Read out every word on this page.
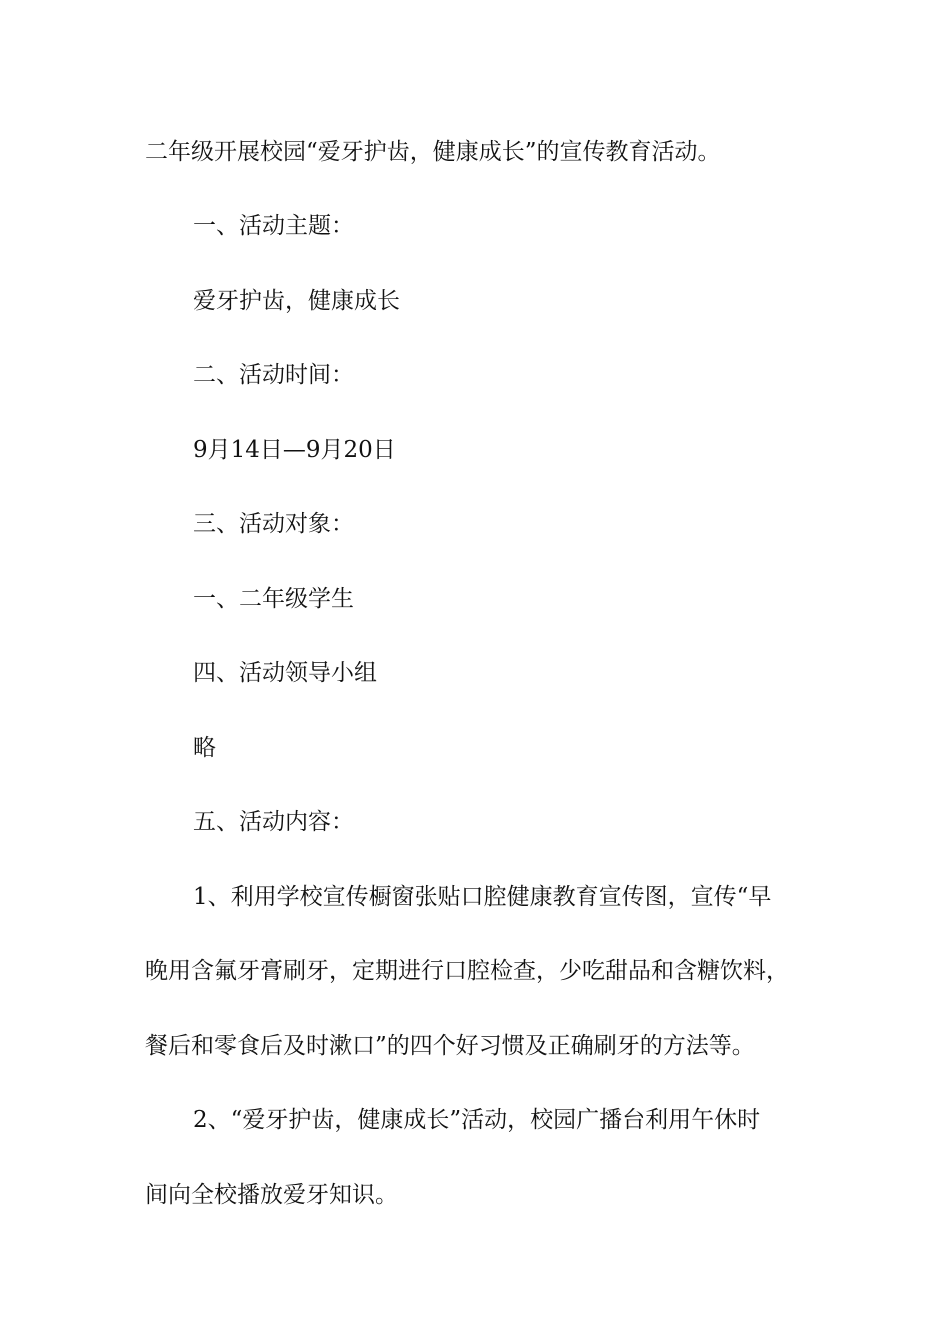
二年级开展校园“爱牙护齿，健康成长”的宣传教育活动。

一、活动主题：

爱牙护齿，健康成长

二、活动时间：

9月14日—9月20日

三、活动对象：

一、二年级学生

四、活动领导小组

略

五、活动内容：

1、利用学校宣传橱窗张贴口腔健康教育宣传图，宣传“早

晚用含氟牙膏刷牙，定期进行口腔检查，少吃甜品和含糖饮料，

餐后和零食后及时漱口”的四个好习惯及正确刷牙的方法等。

2、“爱牙护齿，健康成长”活动，校园广播台利用午休时

间向全校播放爱牙知识。
